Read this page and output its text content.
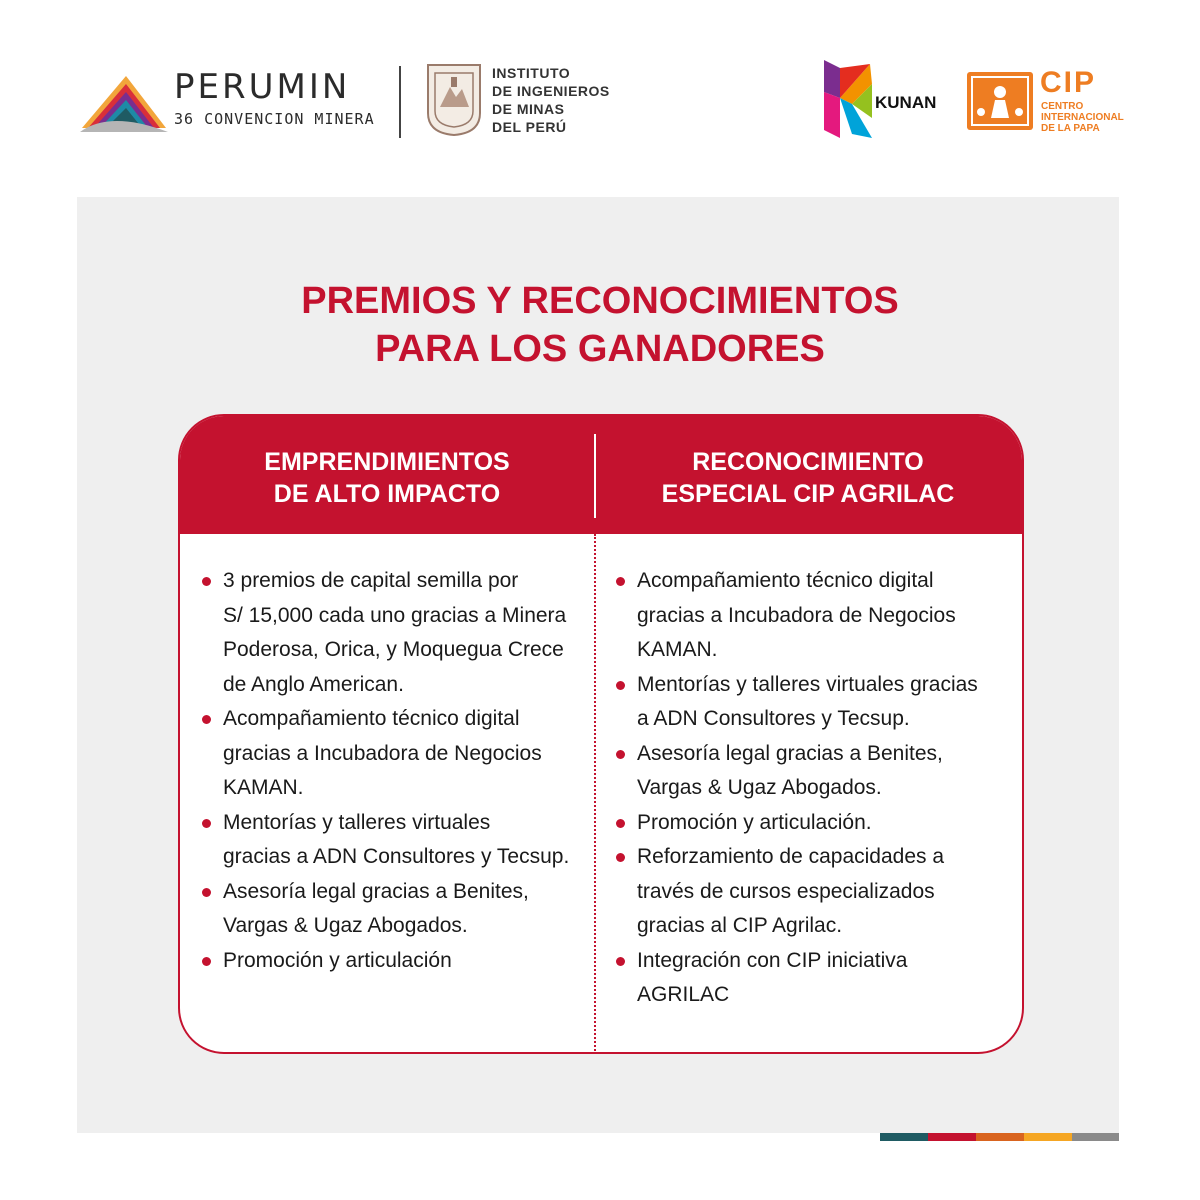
PERUMIN
36 CONVENCION MINERA
INSTITUTO
DE INGENIEROS
DE MINAS
DEL PERÚ
KUNAN
CIP
CENTRO
INTERNACIONAL
DE LA PAPA
PREMIOS Y RECONOCIMIENTOS
PARA LOS GANADORES
EMPRENDIMIENTOS
DE ALTO IMPACTO
RECONOCIMIENTO
ESPECIAL CIP AGRILAC
3 premios de capital semilla por
S/ 15,000 cada uno gracias a Minera
Poderosa, Orica, y Moquegua Crece
de Anglo American.
Acompañamiento técnico digital
gracias a Incubadora de Negocios
KAMAN.
Mentorías y talleres virtuales
gracias a ADN Consultores y Tecsup.
Asesoría legal gracias a Benites,
Vargas & Ugaz Abogados.
Promoción y articulación
Acompañamiento técnico digital
gracias a Incubadora de Negocios
KAMAN.
Mentorías y talleres virtuales gracias
a ADN Consultores y Tecsup.
Asesoría legal gracias a Benites,
Vargas & Ugaz Abogados.
Promoción y articulación.
Reforzamiento de capacidades a
través de cursos especializados
gracias al CIP Agrilac.
Integración con CIP iniciativa
AGRILAC
